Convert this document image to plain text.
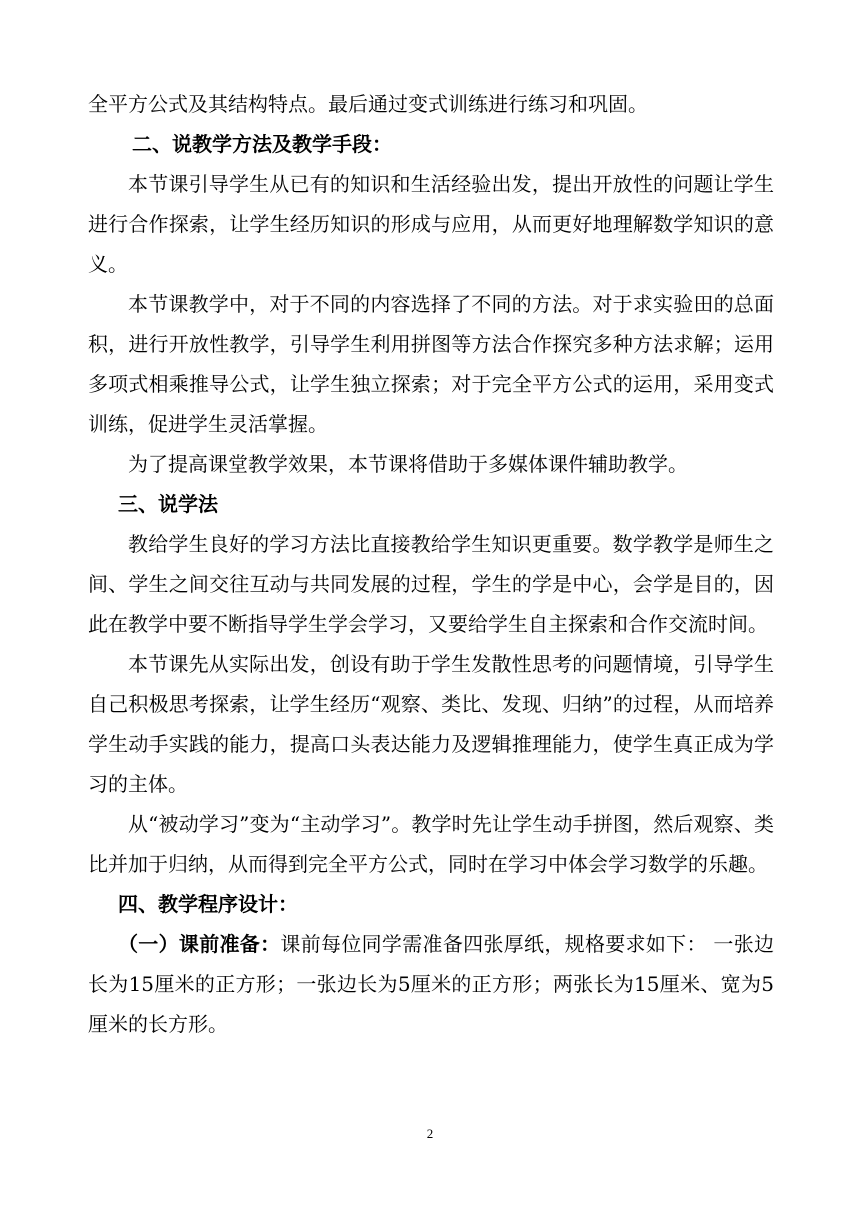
全平方公式及其结构特点。最后通过变式训练进行练习和巩固。

二、说教学方法及教学手段：

本节课引导学生从已有的知识和生活经验出发，提出开放性的问题让学生进行合作探索，让学生经历知识的形成与应用，从而更好地理解数学知识的意义。

本节课教学中，对于不同的内容选择了不同的方法。对于求实验田的总面积，进行开放性教学，引导学生利用拼图等方法合作探究多种方法求解；运用多项式相乘推导公式，让学生独立探索；对于完全平方公式的运用，采用变式训练，促进学生灵活掌握。

为了提高课堂教学效果，本节课将借助于多媒体课件辅助教学。

三、说学法

教给学生良好的学习方法比直接教给学生知识更重要。数学教学是师生之间、学生之间交往互动与共同发展的过程，学生的学是中心，会学是目的，因此在教学中要不断指导学生学会学习，又要给学生自主探索和合作交流时间。

本节课先从实际出发，创设有助于学生发散性思考的问题情境，引导学生自己积极思考探索，让学生经历“观察、类比、发现、归纳”的过程，从而培养学生动手实践的能力，提高口头表达能力及逻辑推理能力，使学生真正成为学习的主体。

从“被动学习”变为“主动学习”。教学时先让学生动手拼图，然后观察、类比并加于归纳，从而得到完全平方公式，同时在学习中体会学习数学的乐趣。

四、教学程序设计：

（一）课前准备：课前每位同学需准备四张厚纸，规格要求如下： 一张边长为15厘米的正方形；一张边长为5厘米的正方形；两张长为15厘米、宽为5厘米的长方形。

2
